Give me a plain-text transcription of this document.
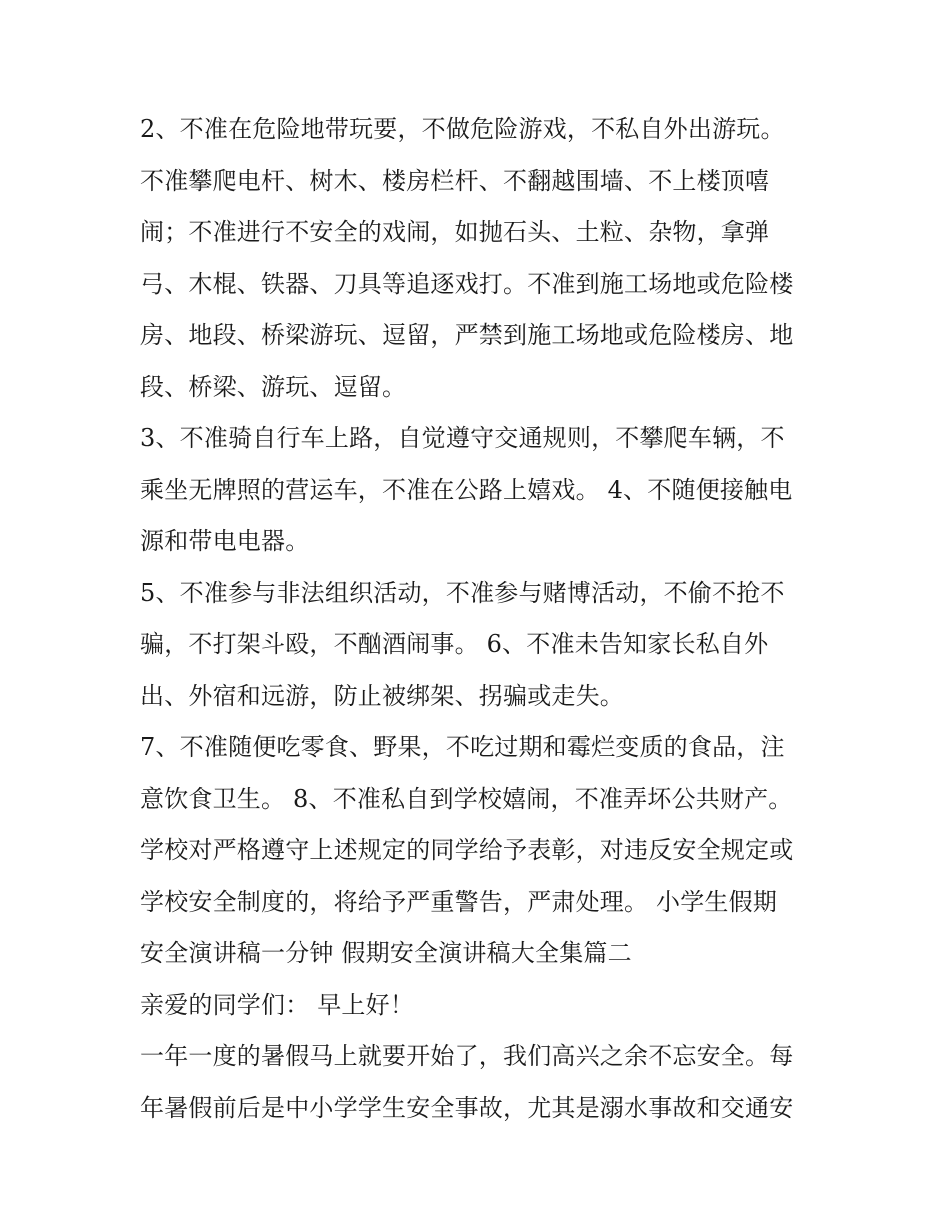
2、不准在危险地带玩要，不做危险游戏，不私自外出游玩。
不准攀爬电杆、树木、楼房栏杆、不翻越围墙、不上楼顶嘻
闹；不准进行不安全的戏闹，如抛石头、土粒、杂物，拿弹
弓、木棍、铁器、刀具等追逐戏打。不准到施工场地或危险楼
房、地段、桥梁游玩、逗留，严禁到施工场地或危险楼房、地
段、桥梁、游玩、逗留。
3、不准骑自行车上路，自觉遵守交通规则，不攀爬车辆，不
乘坐无牌照的营运车，不准在公路上嬉戏。 4、不随便接触电
源和带电电器。
5、不准参与非法组织活动，不准参与赌博活动，不偷不抢不
骗，不打架斗殴，不酗酒闹事。 6、不准未告知家长私自外
出、外宿和远游，防止被绑架、拐骗或走失。
7、不准随便吃零食、野果，不吃过期和霉烂变质的食品，注
意饮食卫生。 8、不准私自到学校嬉闹，不准弄坏公共财产。
学校对严格遵守上述规定的同学给予表彰，对违反安全规定或
学校安全制度的，将给予严重警告，严肃处理。 小学生假期
安全演讲稿一分钟 假期安全演讲稿大全集篇二
亲爱的同学们： 早上好！
一年一度的暑假马上就要开始了，我们高兴之余不忘安全。每
年暑假前后是中小学学生安全事故，尤其是溺水事故和交通安
